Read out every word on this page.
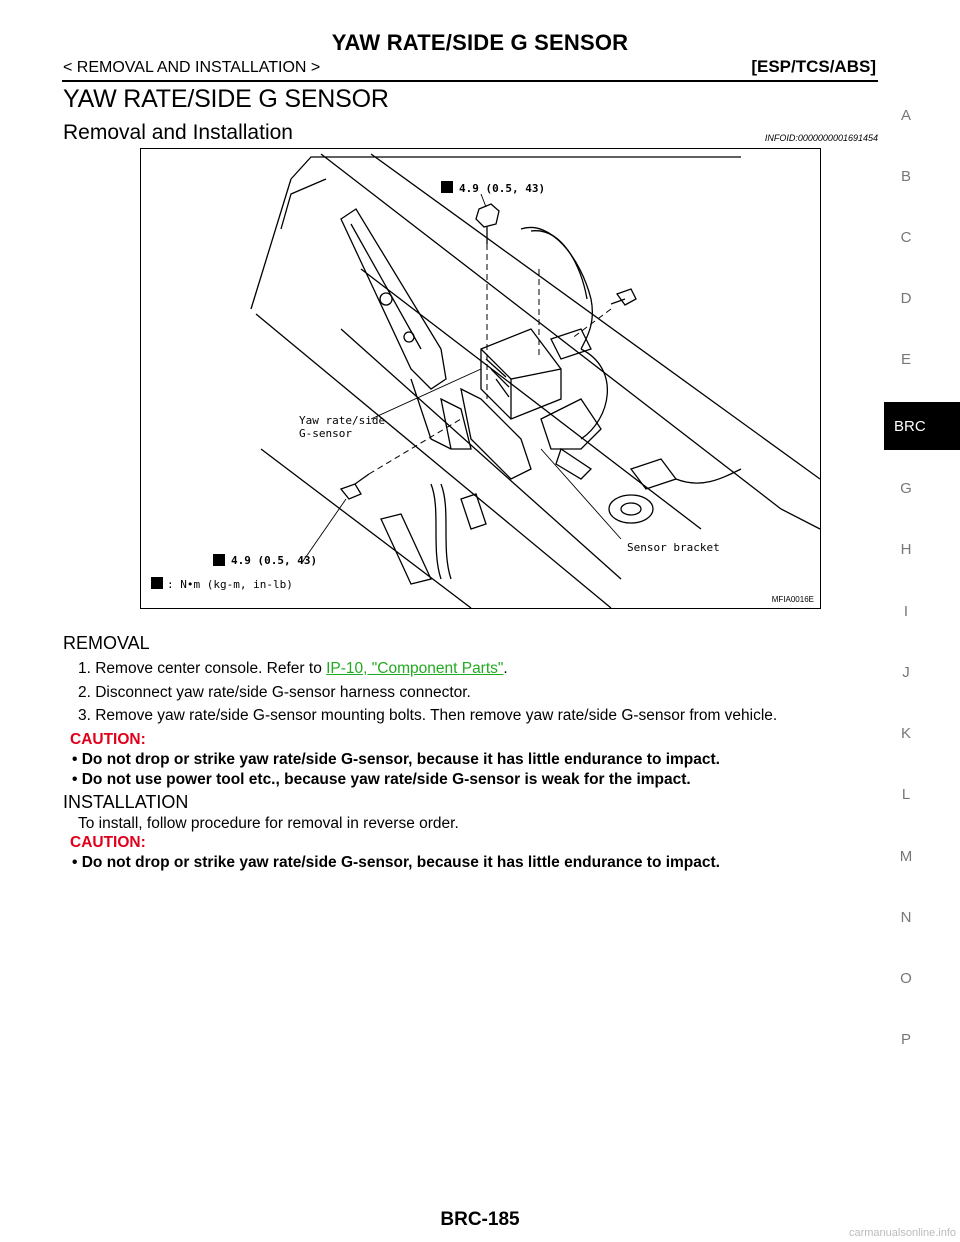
YAW RATE/SIDE G SENSOR
< REMOVAL AND INSTALLATION >	[ESP/TCS/ABS]
YAW RATE/SIDE G SENSOR
Removal and Installation	INFOID:0000000001691454
4.9 (0.5, 43)
Yaw rate/side
G-sensor
Sensor bracket
4.9 (0.5, 43)
: N•m (kg-m, in-lb)
MFIA0016E
REMOVAL
1. Remove center console. Refer to IP-10, "Component Parts".
2. Disconnect yaw rate/side G-sensor harness connector.
3. Remove yaw rate/side G-sensor mounting bolts. Then remove yaw rate/side G-sensor from vehicle.
CAUTION:
• Do not drop or strike yaw rate/side G-sensor, because it has little endurance to impact.
• Do not use power tool etc., because yaw rate/side G-sensor is weak for the impact.
INSTALLATION
To install, follow procedure for removal in reverse order.
CAUTION:
• Do not drop or strike yaw rate/side G-sensor, because it has little endurance to impact.
BRC-185
A
B
C
D
E
BRC
G
H
I
J
K
L
M
N
O
P
carmanualsonline.info
